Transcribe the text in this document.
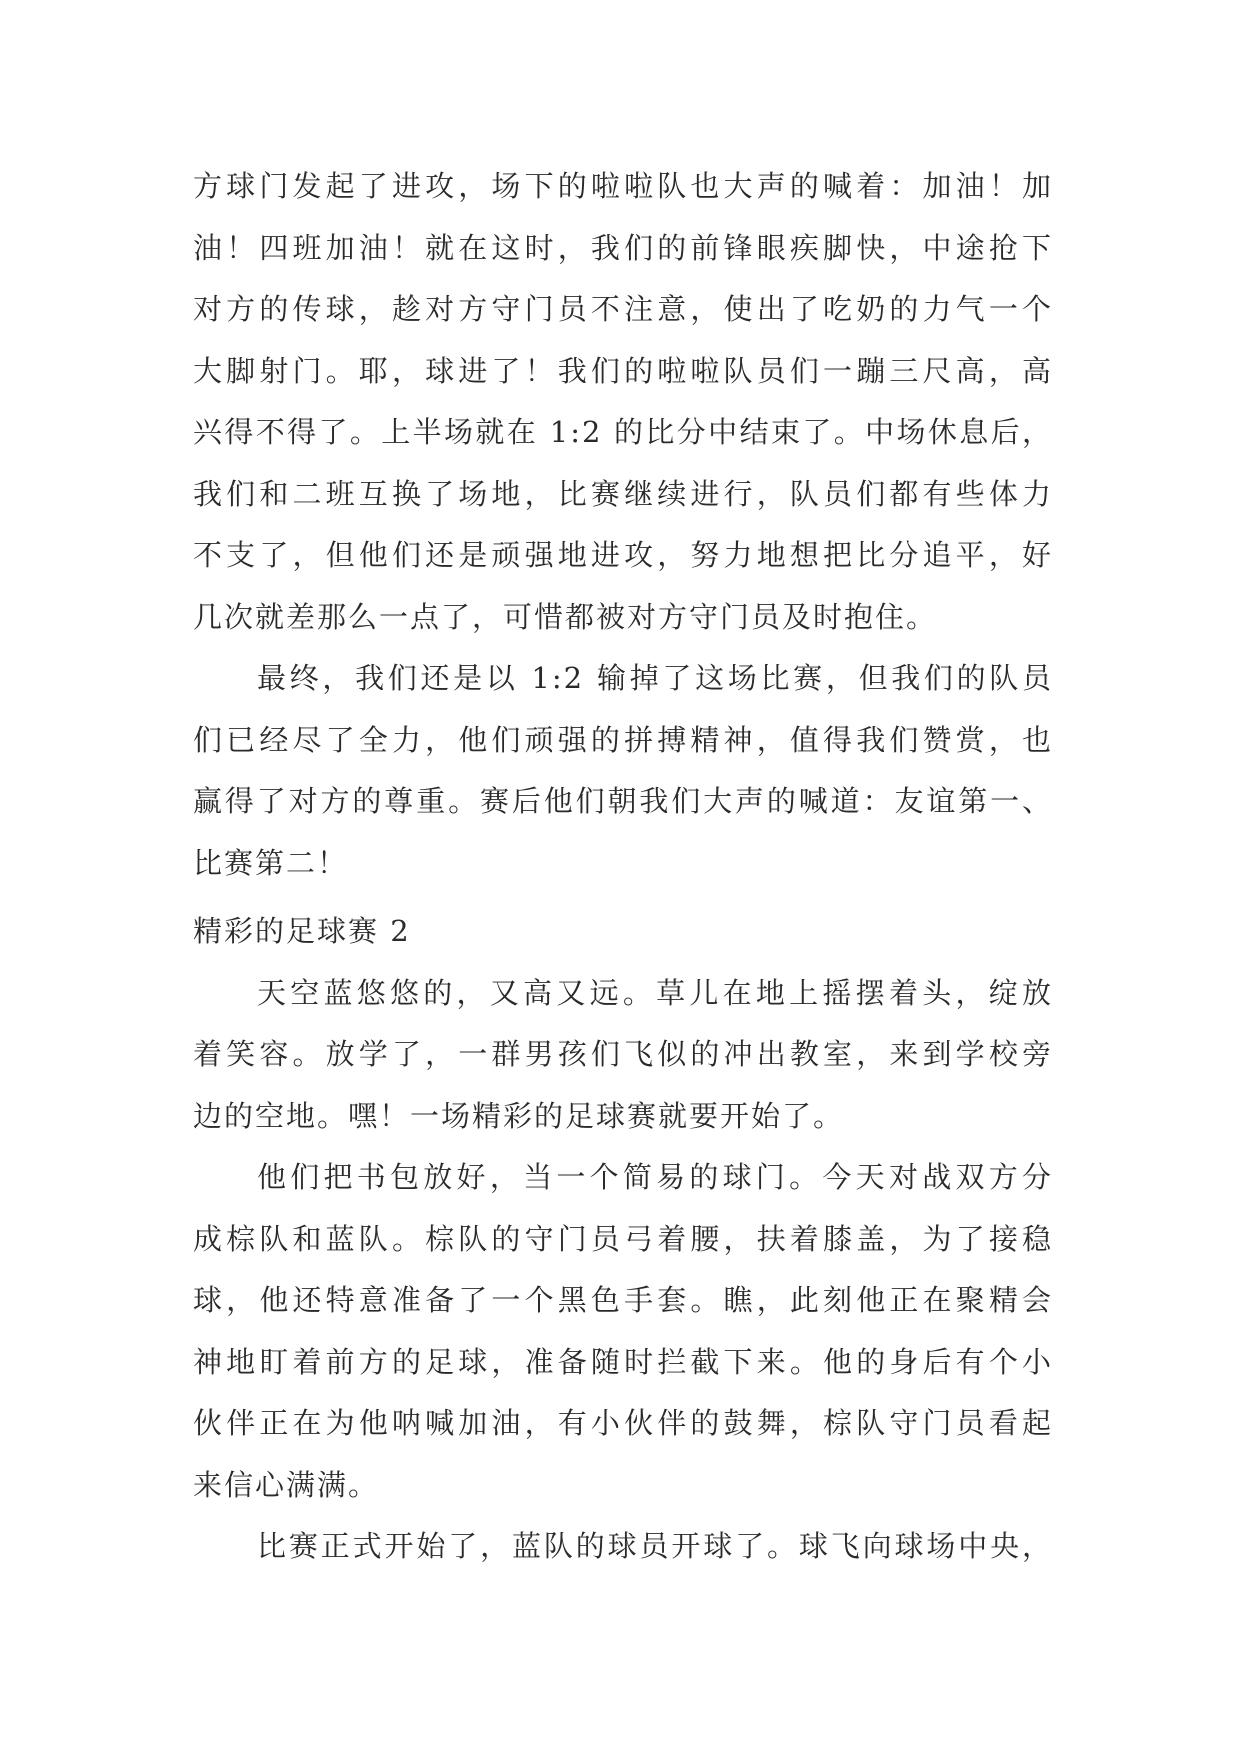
方球门发起了进攻，场下的啦啦队也大声的喊着：加油！加
油！四班加油！就在这时，我们的前锋眼疾脚快，中途抢下
对方的传球，趁对方守门员不注意，使出了吃奶的力气一个
大脚射门。耶，球进了！我们的啦啦队员们一蹦三尺高，高
兴得不得了。上半场就在 1:2 的比分中结束了。中场休息后，
我们和二班互换了场地，比赛继续进行，队员们都有些体力
不支了，但他们还是顽强地进攻，努力地想把比分追平，好
几次就差那么一点了，可惜都被对方守门员及时抱住。
最终，我们还是以 1:2 输掉了这场比赛，但我们的队员
们已经尽了全力，他们顽强的拼搏精神，值得我们赞赏，也
赢得了对方的尊重。赛后他们朝我们大声的喊道：友谊第一、
比赛第二！
精彩的足球赛 2
天空蓝悠悠的，又高又远。草儿在地上摇摆着头，绽放
着笑容。放学了，一群男孩们飞似的冲出教室，来到学校旁
边的空地。嘿！一场精彩的足球赛就要开始了。
他们把书包放好，当一个简易的球门。今天对战双方分
成棕队和蓝队。棕队的守门员弓着腰，扶着膝盖，为了接稳
球，他还特意准备了一个黑色手套。瞧，此刻他正在聚精会
神地盯着前方的足球，准备随时拦截下来。他的身后有个小
伙伴正在为他呐喊加油，有小伙伴的鼓舞，棕队守门员看起
来信心满满。
比赛正式开始了，蓝队的球员开球了。球飞向球场中央，
